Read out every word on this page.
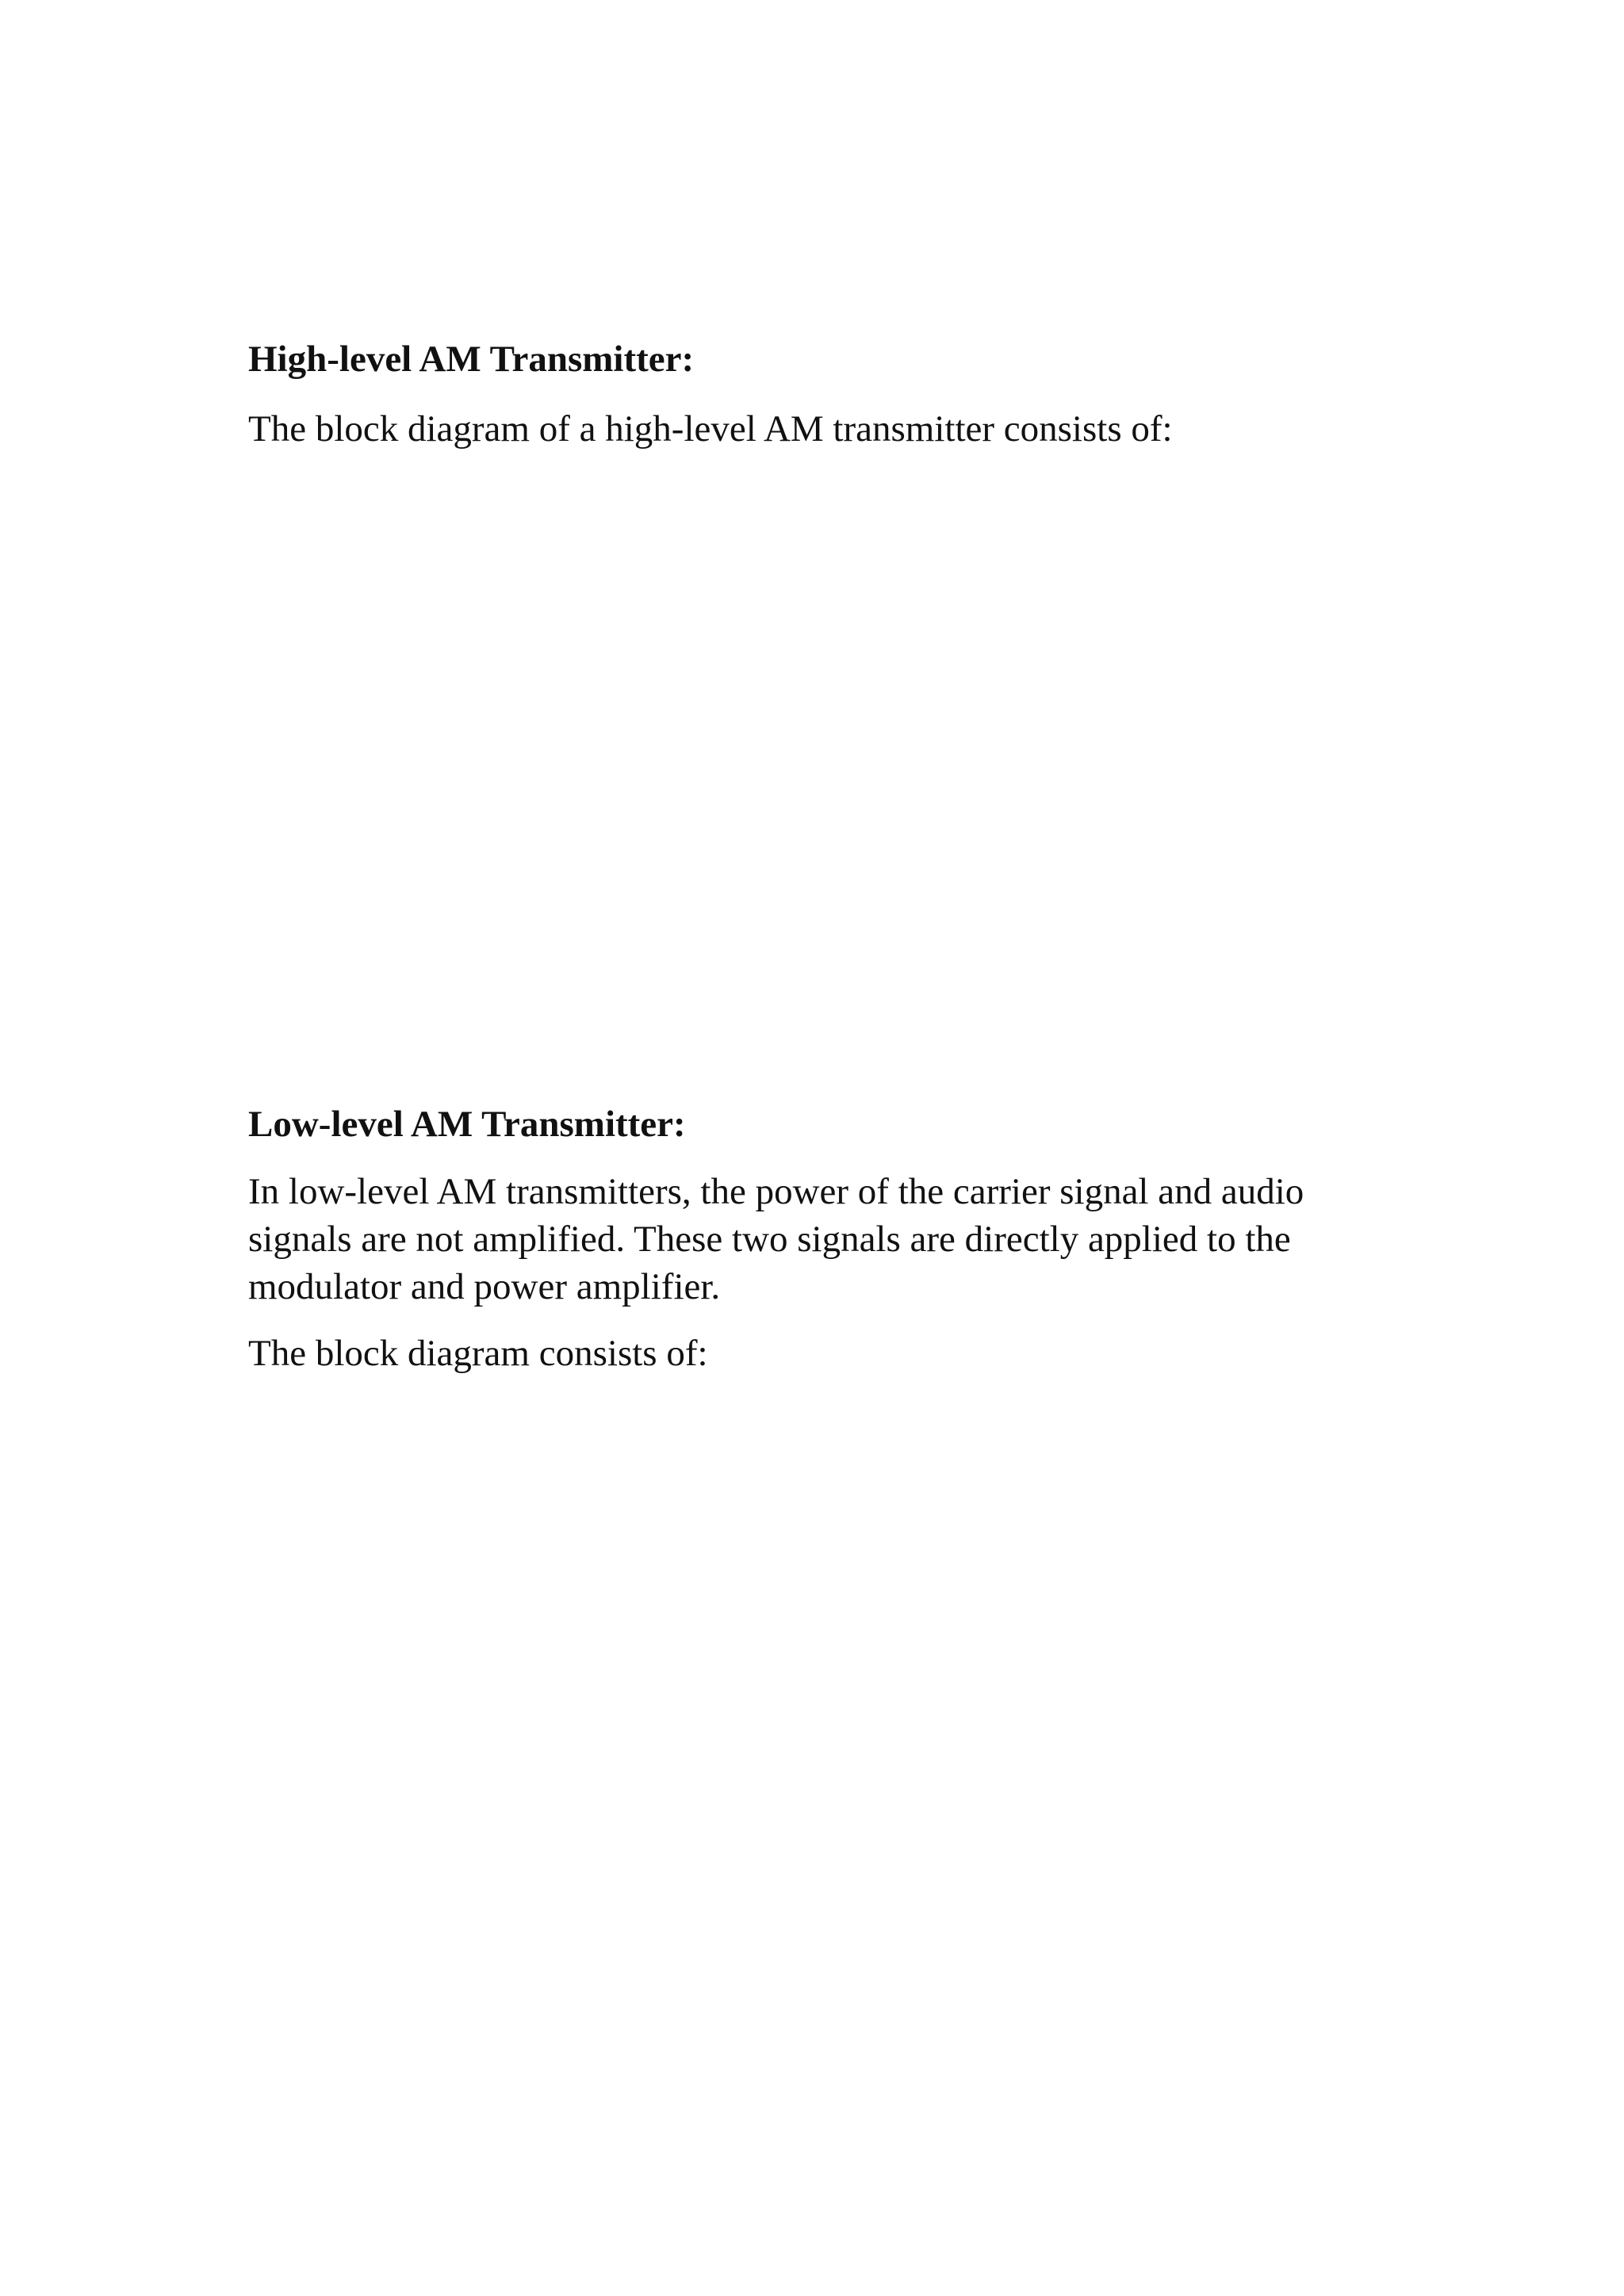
High-level AM Transmitter:

The block diagram of a high-level AM transmitter consists of:

Low-level AM Transmitter:

In low-level AM transmitters, the power of the carrier signal and audio
signals are not amplified. These two signals are directly applied to the
modulator and power amplifier.

The block diagram consists of:
